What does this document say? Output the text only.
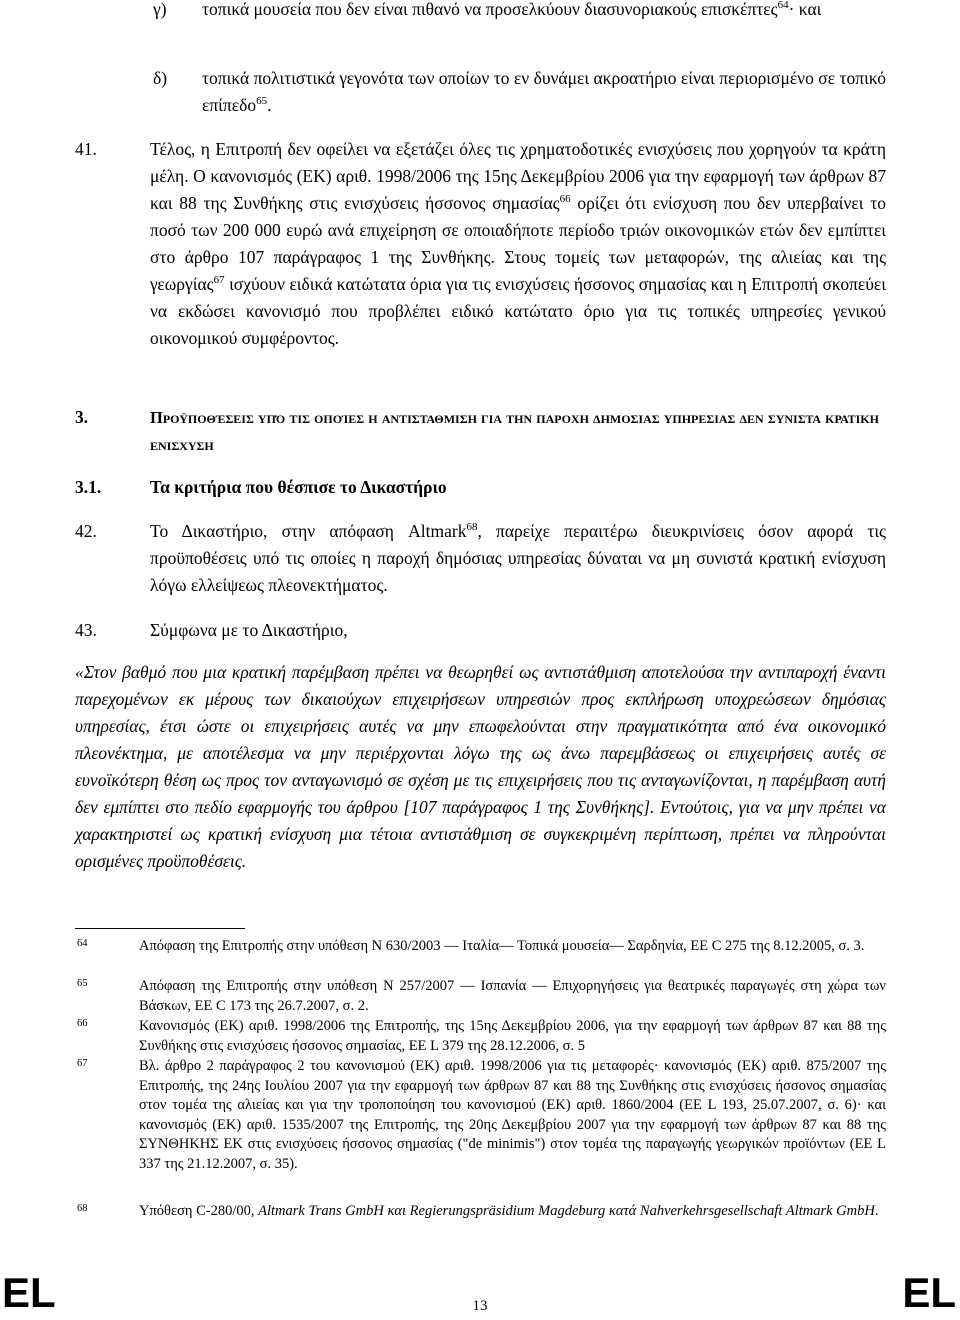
γ) τοπικά μουσεία που δεν είναι πιθανό να προσελκύουν διασυνοριακούς επισκέπτες$^{64}$· και
δ) τοπικά πολιτιστικά γεγονότα των οποίων το εν δυνάμει ακροατήριο είναι περιορισμένο σε τοπικό επίπεδο$^{65}$.
41.	Τέλος, η Επιτροπή δεν οφείλει να εξετάζει όλες τις χρηματοδοτικές ενισχύσεις που χορηγούν τα κράτη μέλη. Ο κανονισμός (ΕΚ) αριθ. 1998/2006 της 15ης Δεκεμβρίου 2006 για την εφαρμογή των άρθρων 87 και 88 της Συνθήκης στις ενισχύσεις ήσσονος σημασίας$^{66}$ ορίζει ότι ενίσχυση που δεν υπερβαίνει το ποσό των 200 000 ευρώ ανά επιχείρηση σε οποιαδήποτε περίοδο τριών οικονομικών ετών δεν εμπίπτει στο άρθρο 107 παράγραφος 1 της Συνθήκης. Στους τομείς των μεταφορών, της αλιείας και της γεωργίας$^{67}$ ισχύουν ειδικά κατώτατα όρια για τις ενισχύσεις ήσσονος σημασίας και η Επιτροπή σκοπεύει να εκδώσει κανονισμό που προβλέπει ειδικό κατώτατο όριο για τις τοπικές υπηρεσίες γενικού οικονομικού συμφέροντος.
3.	Προϋποθέσεις υπό τις οποίες η αντισταθμιση για την παροχη δημοσιας υπηρεσιας δεν συνιστα κρατικη ενισχυση
3.1.	Τα κριτήρια που θέσπισε το Δικαστήριο
42.	Το Δικαστήριο, στην απόφαση Altmark$^{68}$, παρείχε περαιτέρω διευκρινίσεις όσον αφορά τις προϋποθέσεις υπό τις οποίες η παροχή δημόσιας υπηρεσίας δύναται να μη συνιστά κρατική ενίσχυση λόγω ελλείψεως πλεονεκτήματος.
43.	Σύμφωνα με το Δικαστήριο,
«Στον βαθμό που μια κρατική παρέμβαση πρέπει να θεωρηθεί ως αντιστάθμιση αποτελούσα την αντιπαροχή έναντι παρεχομένων εκ μέρους των δικαιούχων επιχειρήσεων υπηρεσιών προς εκπλήρωση υποχρεώσεων δημόσιας υπηρεσίας, έτσι ώστε οι επιχειρήσεις αυτές να μην επωφελούνται στην πραγματικότητα από ένα οικονομικό πλεονέκτημα, με αποτέλεσμα να μην περιέρχονται λόγω της ως άνω παρεμβάσεως οι επιχειρήσεις αυτές σε ευνοϊκότερη θέση ως προς τον ανταγωνισμό σε σχέση με τις επιχειρήσεις που τις ανταγωνίζονται, η παρέμβαση αυτή δεν εμπίπτει στο πεδίο εφαρμογής του άρθρου [107 παράγραφος 1 της Συνθήκης]. Εντούτοις, για να μην πρέπει να χαρακτηριστεί ως κρατική ενίσχυση μια τέτοια αντιστάθμιση σε συγκεκριμένη περίπτωση, πρέπει να πληρούνται ορισμένες προϋποθέσεις.
64	Απόφαση της Επιτροπής στην υπόθεση N 630/2003 — Ιταλία— Τοπικά μουσεία— Σαρδηνία, EE C 275 της 8.12.2005, σ. 3.
65	Απόφαση της Επιτροπής στην υπόθεση N 257/2007 — Ισπανία — Επιχορηγήσεις για θεατρικές παραγωγές στη χώρα των Βάσκων, EE C 173 της 26.7.2007, σ. 2.
66	Κανονισμός (ΕΚ) αριθ. 1998/2006 της Επιτροπής, της 15ης Δεκεμβρίου 2006, για την εφαρμογή των άρθρων 87 και 88 της Συνθήκης στις ενισχύσεις ήσσονος σημασίας, EE L 379 της 28.12.2006, σ. 5
67	Βλ. άρθρο 2 παράγραφος 2 του κανονισμού (ΕΚ) αριθ. 1998/2006 για τις μεταφορές· κανονισμός (ΕΚ) αριθ. 875/2007 της Επιτροπής, της 24ης Ιουλίου 2007 για την εφαρμογή των άρθρων 87 και 88 της Συνθήκης στις ενισχύσεις ήσσονος σημασίας στον τομέα της αλιείας και για την τροποποίηση του κανονισμού (ΕΚ) αριθ. 1860/2004 (EE L 193, 25.07.2007, σ. 6)· και κανονισμός (ΕΚ) αριθ. 1535/2007 της Επιτροπής, της 20ης Δεκεμβρίου 2007 για την εφαρμογή των άρθρων 87 και 88 της ΣΥΝΘΗΚΗΣ ΕΚ στις ενισχύσεις ήσσονος σημασίας ("de minimis") στον τομέα της παραγωγής γεωργικών προϊόντων (EE L 337 της 21.12.2007, σ. 35).
68	Υπόθεση C-280/00, Altmark Trans GmbH και Regierungspräsidium Magdeburg κατά Nahverkehrsgesellschaft Altmark GmbH.
EL	13	EL
